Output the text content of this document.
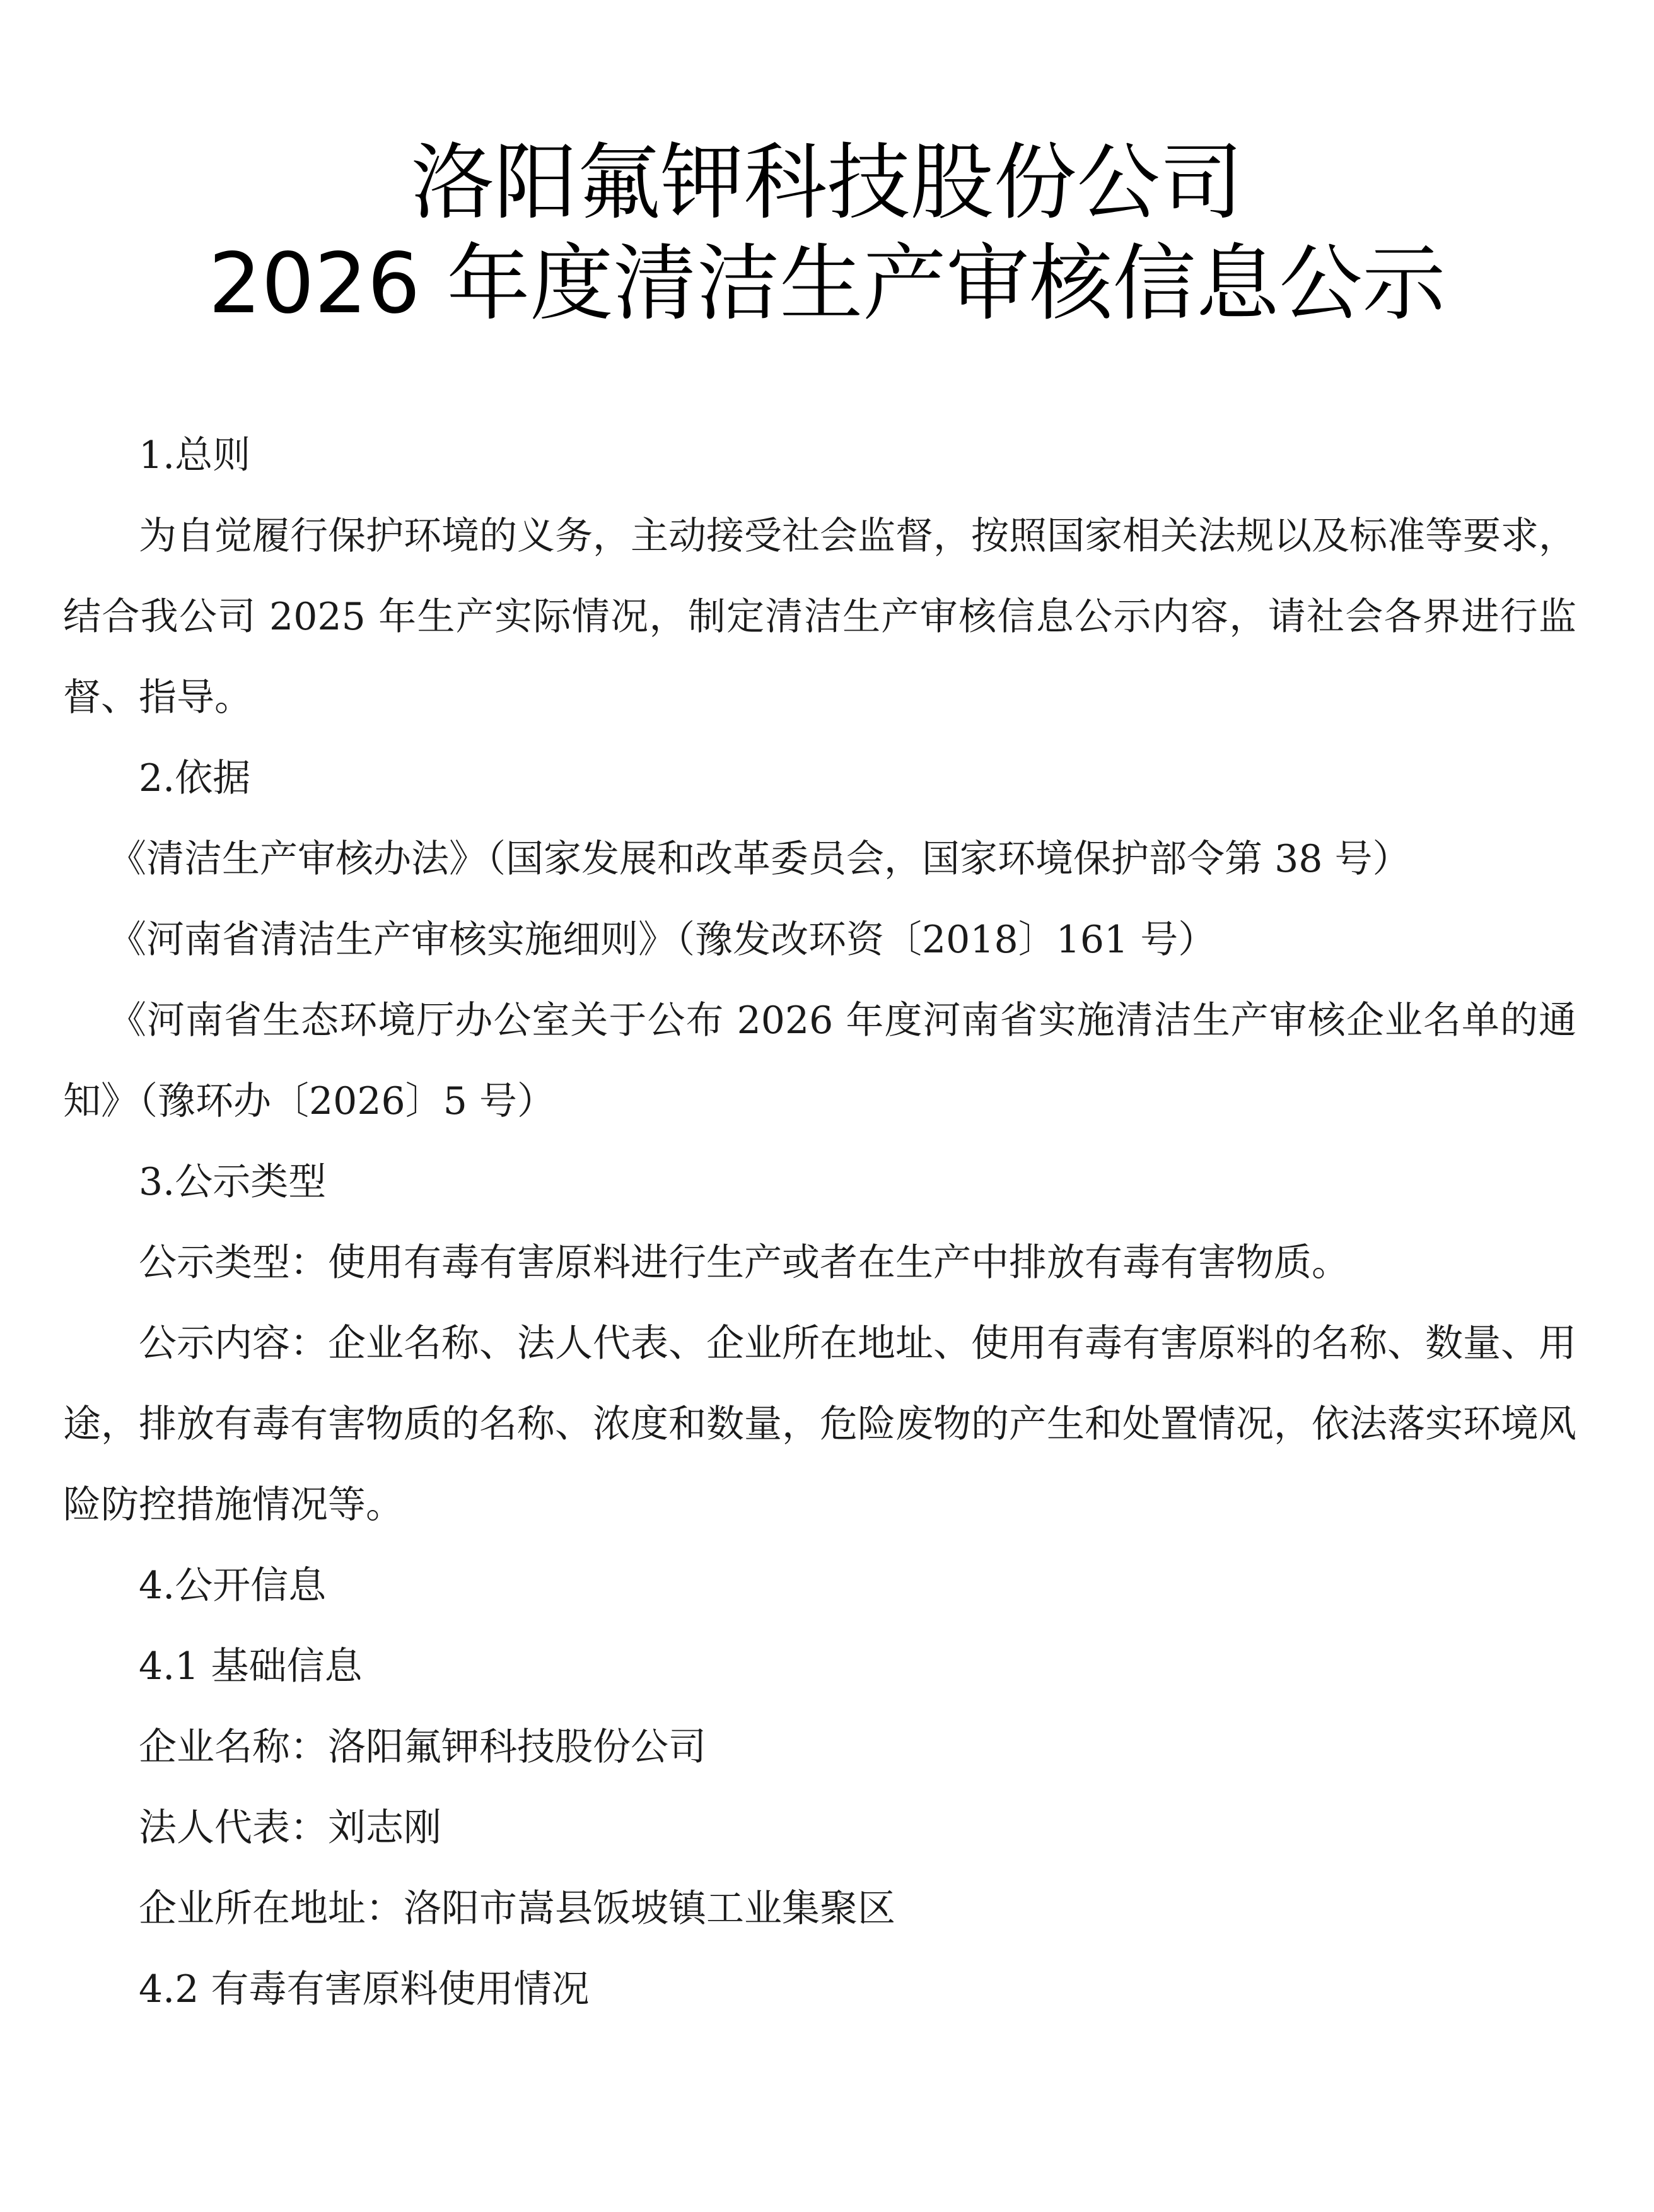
洛阳氟钾科技股份公司
2026 年度清洁生产审核信息公示

1.总则

为自觉履行保护环境的义务，主动接受社会监督，按照国家相关法规以及标准等要求，结合我公司 2025 年生产实际情况，制定清洁生产审核信息公示内容，请社会各界进行监督、指导。

2.依据

《清洁生产审核办法》（国家发展和改革委员会，国家环境保护部令第 38 号）

《河南省清洁生产审核实施细则》（豫发改环资〔2018〕161 号）

《河南省生态环境厅办公室关于公布 2026 年度河南省实施清洁生产审核企业名单的通知》（豫环办〔2026〕5 号）

3.公示类型

公示类型：使用有毒有害原料进行生产或者在生产中排放有毒有害物质。

公示内容：企业名称、法人代表、企业所在地址、使用有毒有害原料的名称、数量、用途，排放有毒有害物质的名称、浓度和数量，危险废物的产生和处置情况，依法落实环境风险防控措施情况等。

4.公开信息

4.1 基础信息

企业名称：洛阳氟钾科技股份公司

法人代表：刘志刚

企业所在地址：洛阳市嵩县饭坡镇工业集聚区

4.2 有毒有害原料使用情况
